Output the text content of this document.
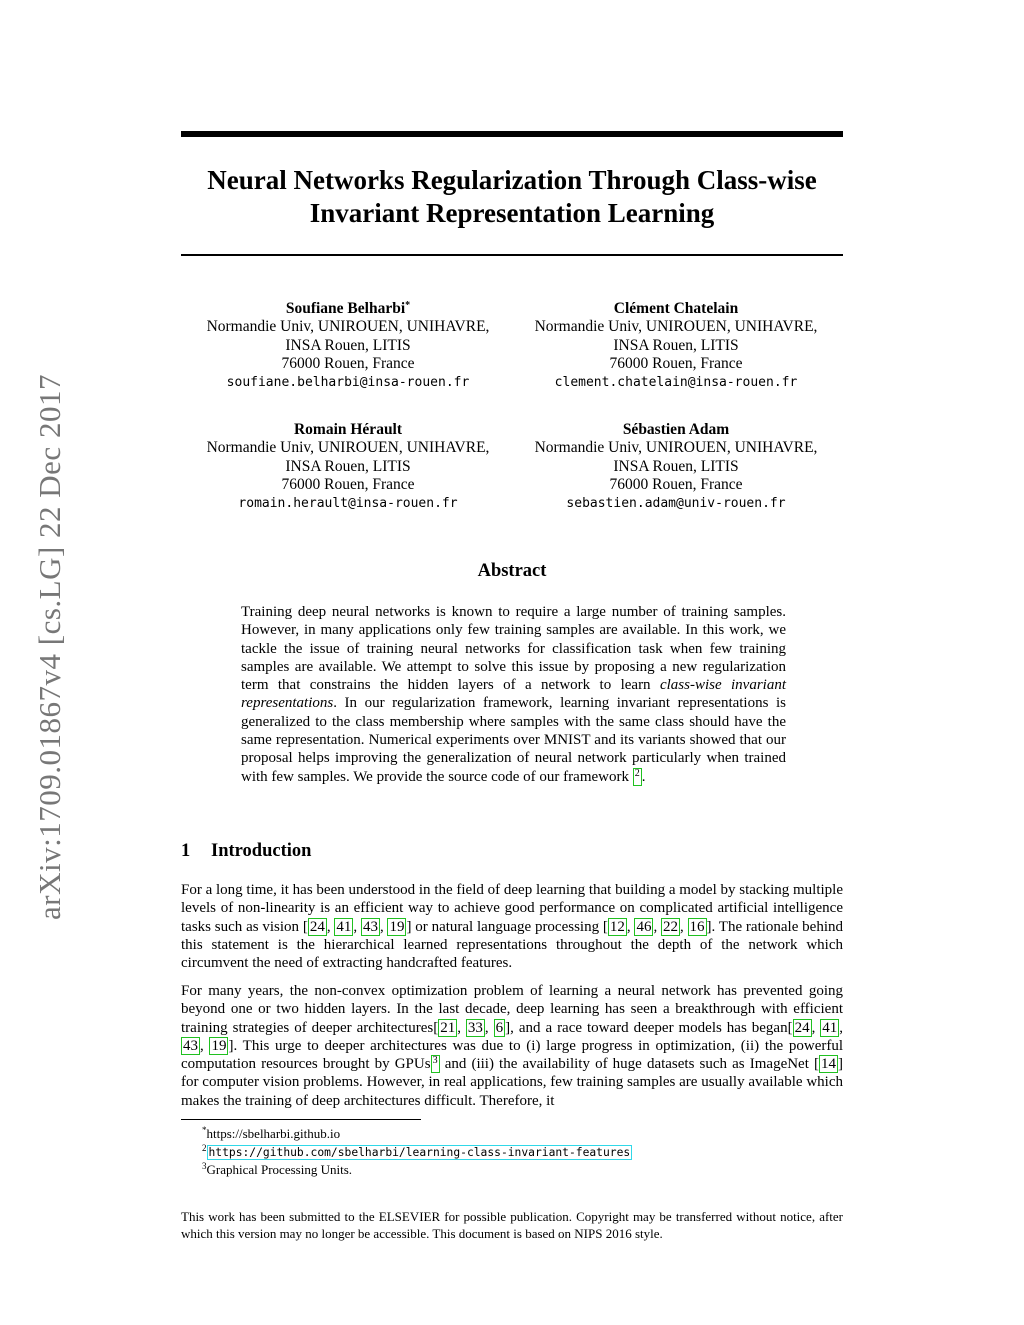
arXiv:1709.01867v4 [cs.LG] 22 Dec 2017
Neural Networks Regularization Through Class-wise
Invariant Representation Learning
Soufiane Belharbi*
Normandie Univ, UNIROUEN, UNIHAVRE,
INSA Rouen, LITIS
76000 Rouen, France
soufiane.belharbi@insa-rouen.fr
Clément Chatelain
Normandie Univ, UNIROUEN, UNIHAVRE,
INSA Rouen, LITIS
76000 Rouen, France
clement.chatelain@insa-rouen.fr
Romain Hérault
Normandie Univ, UNIROUEN, UNIHAVRE,
INSA Rouen, LITIS
76000 Rouen, France
romain.herault@insa-rouen.fr
Sébastien Adam
Normandie Univ, UNIROUEN, UNIHAVRE,
INSA Rouen, LITIS
76000 Rouen, France
sebastien.adam@univ-rouen.fr
Abstract

Training deep neural networks is known to require a large number of training samples. However, in many applications only few training samples are available. In this work, we tackle the issue of training neural networks for classification task when few training samples are available. We attempt to solve this issue by proposing a new regularization term that constrains the hidden layers of a network to learn class-wise invariant representations. In our regularization framework, learning invariant representations is generalized to the class membership where samples with the same class should have the same representation. Numerical experiments over MNIST and its variants showed that our proposal helps improving the generalization of neural network particularly when trained with few samples. We provide the source code of our framework $^2$ .

1 Introduction

For a long time, it has been understood in the field of deep learning that building a model by stacking multiple levels of non-linearity is an efficient way to achieve good performance on complicated artificial intelligence tasks such as vision [ 24 , 41 , 43 , 19 ] or natural language processing [ 12 , 46 , 22 , 16 ]. The rationale behind this statement is the hierarchical learned representations throughout the depth of the network which circumvent the need of extracting handcrafted features.

For many years, the non-convex optimization problem of learning a neural network has prevented going beyond one or two hidden layers. In the last decade, deep learning has seen a breakthrough with efficient training strategies of deeper architectures[ 21 , 33 , 6 ], and a race toward deeper models has began[ 24 , 41 , 43 , 19 ]. This urge to deeper architectures was due to (i) large progress in optimization, (ii) the powerful computation resources brought by GPUs $^3$ and (iii) the availability of huge datasets such as ImageNet [ 14 ] for computer vision problems. However, in real applications, few training samples are usually available which makes the training of deep architectures difficult. Therefore, it

*https://sbelharbi.github.io
$^2$ https://github.com/sbelharbi/learning-class-invariant-features
$^3$Graphical Processing Units.

This work has been submitted to the ELSEVIER for possible publication. Copyright may be transferred without notice, after which this version may no longer be accessible. This document is based on NIPS 2016 style.
